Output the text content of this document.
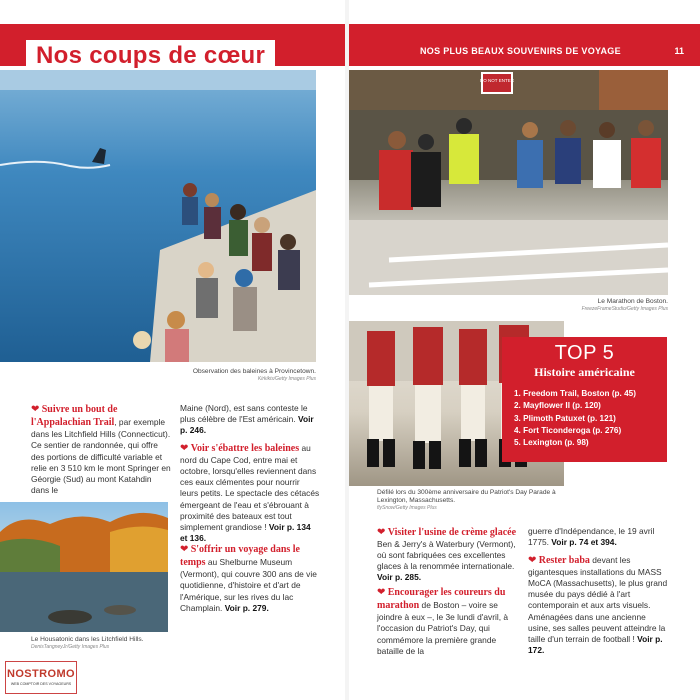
Nos coups de cœur	NOS PLUS BEAUX SOUVENIRS DE VOYAGE	11
Observation des baleines à Provincetown.
Kirkikis/Getty Images Plus
DO NOT ENTER
Le Marathon de Boston.
FreezeFrameStudio/Getty Images Plus
Défilé lors du 300ème anniversaire du Patriot's Day Parade à Lexington, Massachusetts.
flySnow/Getty Images Plus
Le Housatonic dans les Litchfield Hills.
DenisTangneyJr/Getty Images Plus
❤ Suivre un bout de l'Appalachian Trail, par exemple dans les Litchfield Hills (Connecticut). Ce sentier de randonnée, qui offre des portions de difficulté variable et relie en 3 510 km le mont Springer en Géorgie (Sud) au mont Katahdin dans le
Maine (Nord), est sans conteste le plus célèbre de l'Est américain. Voir p. 246.
❤ Voir s'ébattre les baleines au nord du Cape Cod, entre mai et octobre, lorsqu'elles reviennent dans ces eaux clémentes pour nourrir leurs petits. Le spectacle des cétacés émergeant de l'eau et s'ébrouant à proximité des bateaux est tout simplement grandiose ! Voir p. 134 et 136.
❤ S'offrir un voyage dans le temps au Shelburne Museum (Vermont), qui couvre 300 ans de vie quotidienne, d'histoire et d'art de l'Amérique, sur les rives du lac Champlain. Voir p. 279.
❤ Visiter l'usine de crème glacée Ben & Jerry's à Waterbury (Vermont), où sont fabriquées ces excellentes glaces à la renommée internationale. Voir p. 285.
❤ Encourager les coureurs du marathon de Boston – voire se joindre à eux –, le 3e lundi d'avril, à l'occasion du Patriot's Day, qui commémore la première grande bataille de la
guerre d'Indépendance, le 19 avril 1775. Voir p. 74 et 394.
❤ Rester baba devant les gigantesques installations du MASS MoCA (Massachusetts), le plus grand musée du pays dédié à l'art contemporain et aux arts visuels. Aménagées dans une ancienne usine, ses salles peuvent atteindre la taille d'un terrain de football ! Voir p. 172.
TOP 5
Histoire américaine
1. Freedom Trail, Boston (p. 45)
2. Mayflower II (p. 120)
3. Plimoth Patuxet (p. 121)
4. Fort Ticonderoga (p. 276)
5. Lexington (p. 98)
NOSTROMO
WEB COMPTOIR DES VOYAGEURS
